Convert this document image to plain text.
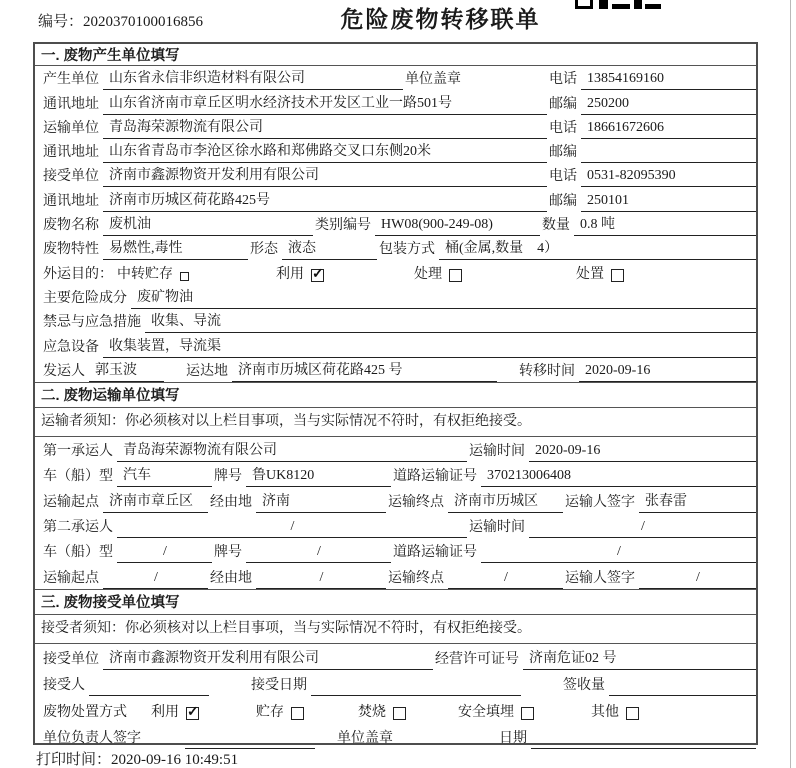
编号：2020370100016856	危险废物转移联单
一. 废物产生单位填写
产生单位 山东省永信非织造材料有限公司	单位盖章	电话 13854169160
通讯地址 山东省济南市章丘区明水经济技术开发区工业一路501号	邮编 250200
运输单位 青岛海荣源物流有限公司	电话 18661672606
通讯地址 山东省青岛市李沧区徐水路和郑佛路交叉口东侧20米	邮编
接受单位 济南市鑫源物资开发利用有限公司	电话 0531-82095390
通讯地址 济南市历城区荷花路425号	邮编 250101
废物名称 废机油	类别编号 HW08(900-249-08)	数量 0.8 吨
废物特性 易燃性,毒性	形态 液态	包装方式 桶(金属,数量　4）
外运目的： 中转贮存	利用 ✓	处理	处置
主要危险成分 废矿物油
禁忌与应急措施 收集、导流
应急设备 收集装置，导流渠
发运人 郭玉波	运达地 济南市历城区荷花路425 号	转移时间 2020-09-16
二. 废物运输单位填写
运输者须知：你必须核对以上栏目事项，当与实际情况不符时，有权拒绝接受。
第一承运人 青岛海荣源物流有限公司	运输时间 2020-09-16
车（船）型 汽车	牌号 鲁UK8120	道路运输证号 370213006408
运输起点 济南市章丘区	经由地 济南	运输终点 济南市历城区	运输人签字 张春雷
第二承运人	/	运输时间	/
车（船）型	/	牌号	/	道路运输证号	/
运输起点	/	经由地	/	运输终点	/	运输人签字	/
三. 废物接受单位填写
接受者须知：你必须核对以上栏目事项，当与实际情况不符时，有权拒绝接受。
接受单位 济南市鑫源物资开发利用有限公司	经营许可证号 济南危证02 号
接受人	接受日期	签收量
废物处置方式 利用 ✓	贮存	焚烧	安全填埋	其他
单位负责人签字	单位盖章	日期
打印时间：2020-09-16 10:49:51
